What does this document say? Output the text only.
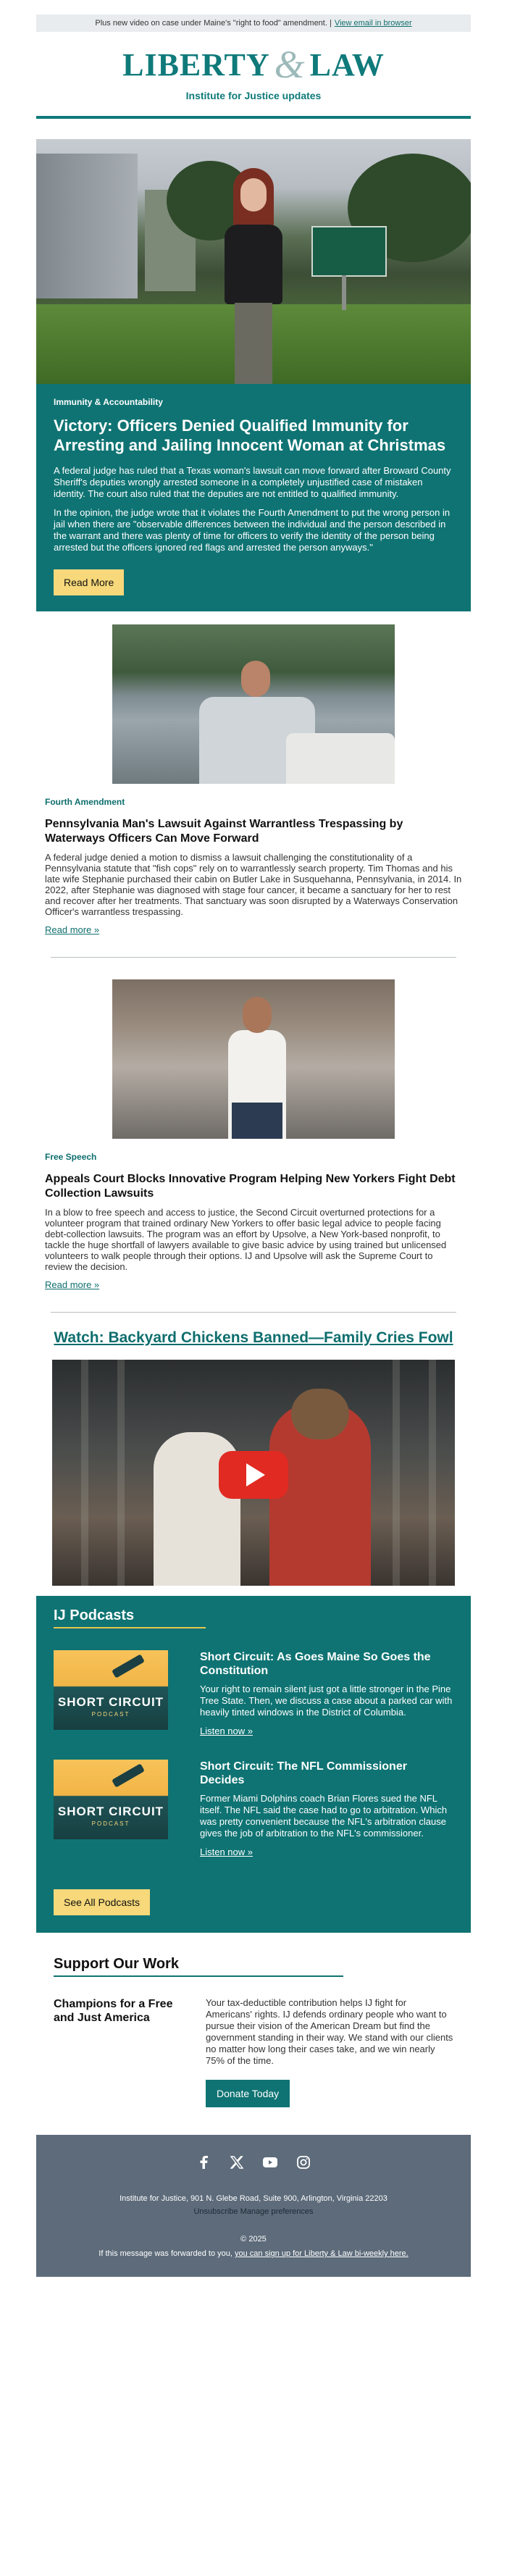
Plus new video on case under Maine's "right to food" amendment. | View email in browser
LIBERTY & LAW
Institute for Justice updates
Immunity & Accountability
Victory: Officers Denied Qualified Immunity for Arresting and Jailing Innocent Woman at Christmas

A federal judge has ruled that a Texas woman's lawsuit can move forward after Broward County Sheriff's deputies wrongly arrested someone in a completely unjustified case of mistaken identity. The court also ruled that the deputies are not entitled to qualified immunity.

In the opinion, the judge wrote that it violates the Fourth Amendment to put the wrong person in jail when there are "observable differences between the individual and the person described in the warrant and there was plenty of time for officers to verify the identity of the person being arrested but the officers ignored red flags and arrested the person anyways."

Read More
Fourth Amendment
Pennsylvania Man's Lawsuit Against Warrantless Trespassing by Waterways Officers Can Move Forward
A federal judge denied a motion to dismiss a lawsuit challenging the constitutionality of a Pennsylvania statute that "fish cops" rely on to warrantlessly search property. Tim Thomas and his late wife Stephanie purchased their cabin on Butler Lake in Susquehanna, Pennsylvania, in 2014. In 2022, after Stephanie was diagnosed with stage four cancer, it became a sanctuary for her to rest and recover after her treatments. That sanctuary was soon disrupted by a Waterways Conservation Officer's warrantless trespassing.
Read more »
Free Speech
Appeals Court Blocks Innovative Program Helping New Yorkers Fight Debt Collection Lawsuits
In a blow to free speech and access to justice, the Second Circuit overturned protections for a volunteer program that trained ordinary New Yorkers to offer basic legal advice to people facing debt-collection lawsuits. The program was an effort by Upsolve, a New York-based nonprofit, to tackle the huge shortfall of lawyers available to give basic advice by using trained but unlicensed volunteers to walk people through their options. IJ and Upsolve will ask the Supreme Court to review the decision.
Read more »
Watch: Backyard Chickens Banned—Family Cries Fowl
IJ Podcasts
SHORT CIRCUIT
PODCAST
Short Circuit: As Goes Maine So Goes the Constitution

Your right to remain silent just got a little stronger in the Pine Tree State. Then, we discuss a case about a parked car with heavily tinted windows in the District of Columbia.

Listen now »
SHORT CIRCUIT
PODCAST
Short Circuit: The NFL Commissioner Decides

Former Miami Dolphins coach Brian Flores sued the NFL itself. The NFL said the case had to go to arbitration. Which was pretty convenient because the NFL's arbitration clause gives the job of arbitration to the NFL's commissioner.

Listen now »
See All Podcasts
Support Our Work
Champions for a Free and Just America
Your tax-deductible contribution helps IJ fight for Americans' rights. IJ defends ordinary people who want to pursue their vision of the American Dream but find the government standing in their way. We stand with our clients no matter how long their cases take, and we win nearly 75% of the time.
Donate Today
Institute for Justice, 901 N. Glebe Road, Suite 900, Arlington, Virginia 22203
Unsubscribe Manage preferences
© 2025
If this message was forwarded to you, you can sign up for Liberty & Law bi-weekly here.
